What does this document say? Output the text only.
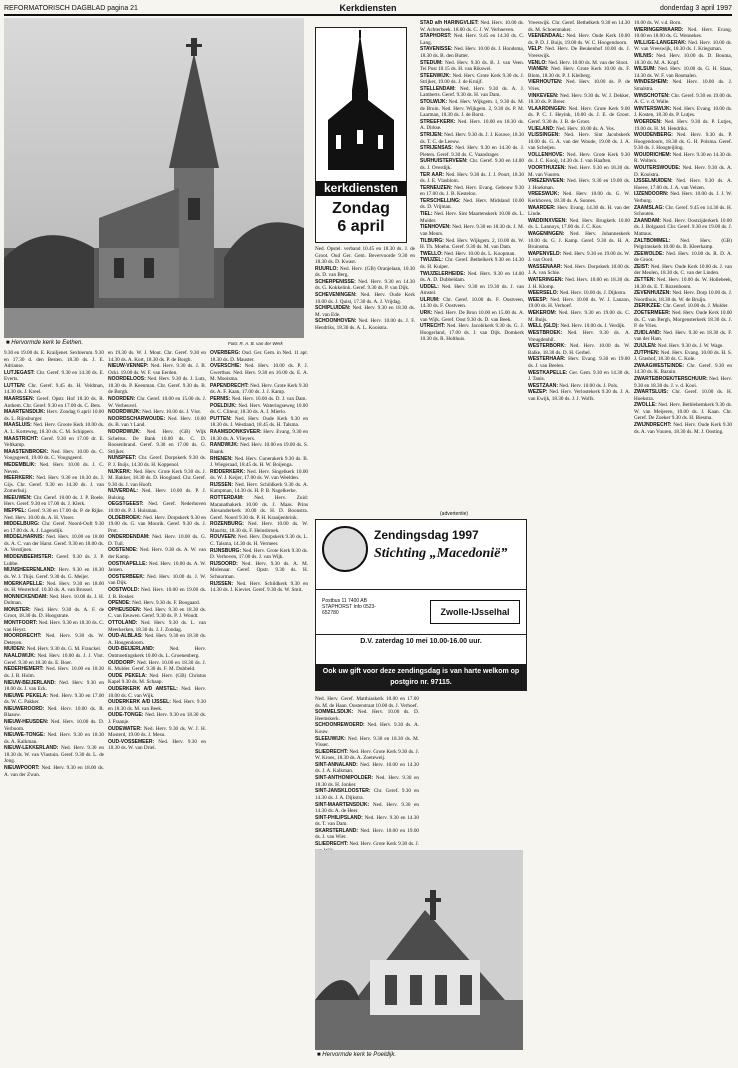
REFORMATORISCH DAGBLAD pagina 21	Kerkdiensten	donderdag 3 april 1997
■ Hervormde kerk te Eethen.	Foto: R. A. B. van der Werk

9.30 en 19.00 ds. E. Krailjenet. Sexbierum. 9.30 en 17.30 d. den Besten. 18.30 ds. J. E. Adrianse.

LUTJEGAST: Chr. Geref. 9.30 en 14.30 ds. E. Everts.

LUTTEN: Chr. Geref. 9.45 ds. H. Veldman, 14.30 ds. J. Kreel.

MAARSSEN: Geref. Opstr. Hof 18.30 ds. R. Anthem. Chr. Geref. 9.30 en 17.00 ds. C. Bets.

MAARTENSDIJK: Herv. Zondag 6 april 10.00 ds. L. Rijnsburger.

MAASLUIS: Ned. Herv. Groote Kerk 10.00 ds. A. L. Korteweg, 18.30 ds. C. M. Schippers.

MAASTRICHT: Geref. 9.30 en 17.00 dr. E. Veltkamp.

MAASTENBROEK: Ned. Herv. 10.00 ds. C. Voogsgeerd, 19.00 ds. C. Voogsgeerd.

MEDEMBLIK: Ned. Herv. 10.00 ds. J. C. Neven.

MEERKERK: Ned. Herv. 9.30 en 18.30 ds. J. Gijs. Chr. Geref. 9.30 en 14.30 ds. J. van Zomerhuij.

MEEUWEN: Chr. Geref. 10.00 ds. J. P. Boele. Herv. Geref. 9.30 en 17.00 ds. J. Klerk.

MEPPEL: Geref. 9.30 en 17.00 ds. P. de Rijke. Ned. Herv. 10.00 ds. A. H. Visser.

MIDDELBURG: Chr. Geref. Noord-Ooft 9.30 en 17.00 ds. A. J. Lagendijk.

MIDDELHARNIS: Ned. Herv. 10.00 en 18.00 ds. A. C. van der Harst. Geref. 9.30 en 18.00 ds. A. Verstijnen.

MIDDENBEEMSTER: Geref. 9.30 ds. J. P. Lubbe.

MIJNSHEERENLAND: Herv. 9.30 en 18.30 ds. W. J. Thijs. Geref. 9.30 ds. G. Meijer.

MOERKAPELLE: Ned. Herv. 9.30 en 18.00 ds. H. Westerhof. 10.30 ds. A. van Brussel.

MONNICKENDAM: Ned. Herv. 10.00 ds. J. H. Dolman.

MONSTER: Ned. Herv. 9.30 ds. A. F. de Groot, 18.30 ds. D. Hoogstrate.

MONTFOORT: Ned. Herv. 9.30 en 18.30 ds. C. van Heyst.

MOORDRECHT: Ned. Herv. 9.30 ds. W. Deteyen.

MUIDEN: Ned. Herv. 9.30 ds. G. M. Franckel.

NAALDWIJK: Ned. Herv. 10.00 ds. J. J. Vlot. Geref. 9.30 en 18.30 ds. E. Boer.

NEDERHEMERT: Ned. Herv. 10.00 en 18.30 ds. J. B. Holm.

NIEUW-BEIJERLAND: Ned. Herv. 9.30 en 18.00 ds. J. van Eck.

NIEUWE PEKELA: Ned. Herv. 9.30 en 17.00 ds. W. C. Pakker.

NIEUWEROORD: Ned. Herv. 10.00 ds. R. Blaauw.

NIEUW-HEUSDEN: Ned. Herv. 10.00 ds. D. Verboom.

NIEUWE-TONGE: Ned. Herv. 9.30 en 18.30 ds. A. Kalkman.

NIEUW-LEKKERLAND: Ned. Herv. 9.30 en 18.30 ds. W. van Vlastuin. Geref. 9.30 ds. L. de Jong.

NIEUWPOORT: Ned. Herv. 9.30 en 18.00 ds. A. van der Zwan.

en 19.30 ds. W. J. Mout. Chr. Geref. 9.30 en 14.30 ds. A. Kort, 18.30 ds. P. de Borgh.

NIEUW-VENNEP: Ned. Herv. 9.30 ds. J. B. Ocki. 19.00 ds. W. F. van Eerden.

NOORDELOOS: Ned. Herv. 9.30 ds. J. Lutz, 18.30 ds. P. Keenman. Chr. Geref. 9.30 ds. B. de Borgh.

NOORDEN: Chr. Geref. 10.00 en 15.00 ds. J. W. Verheuvel.

NOORDWIJK: Ned. Herv. 10.00 ds. J. Vlot.

NOORDSCHARWOUDE: Ned. Herv. 10.00 ds. B. van 't Land.

NOORDWIJK: Ned. Herv. (GB) Wijk Scheltus. De Bank 10.00 ds. C. D. Roosenbrand. Geref. 9.30 en 17.00 ds. G. Strijker.

NUNSPEET: Chr. Geref. Dorpskerk 9.30 ds. P. J. Buijs, 14.30 ds. H. Koppenol.

NIJKERK: Ned. Herv. Grote Kerk 9.30 ds. J. M. Bakker, 18.30 ds. D. Hoogland. Chr. Geref. 9.30 ds. J. van Hooft.

NIJVERDAL: Ned. Herv. 10.00 ds. P. J. Bulsing.

OEGSTGEEST: Ned. Geref. Nederhoven 10.00 ds. P. J. Huisman.

OLDEBROEK: Ned. Herv. Dorpskerk 9.30 en 19.00 ds. G. van Mourik. Geref. 9.30 ds. J. Prot.

ONDERDENDAM: Ned. Herv. 10.00 ds. G. D. Tuil.

OOSTENDE: Ned. Herv. 9.30 ds. A. W. van der Kamp.

OOSTKAPELLE: Ned. Herv. 10.00 ds. A. W. Jansen.

OOSTERBEEK: Ned. Herv. 10.00 ds. J. W. van Dijk.

OOSTWOLD: Ned. Herv. 10.00 en 19.00 ds. J. B. Bosker.

OPENDE: Ned. Herv. 9.30 ds. F. Boogaard.

OPHEUSDEN: Ned. Herv. 9.30 en 18.30 ds. C. van Eeuwen. Geref. 9.30 ds. P. J. Woudt.

OTTOLAND: Ned. Herv. 9.30 ds. L. van Meerkerken, 18.30 ds. J. J. Zondag.

OUD-ALBLAS: Ned. Herv. 9.30 en 18.30 ds. A. Hoogendoorn.

OUD-BEIJERLAND:	Ned. Herv. Ontmoetingskerk 10.00 ds. L. Groenenberg.

OUDDORP: Ned. Herv. 10.00 en 18.30 ds. J. K. Mulder. Geref. 9.30 ds. F. M. Dubbeld.

OUDE PEKELA: Ned. Herv. (GB) Christus Kapel 9.30 ds. M. Schaap.

OUDERKERK A/D AMSTEL: Ned. Herv. 10.00 ds. C. van Wijk.

OUDERKERK A/D IJSSEL: Ned. Herv. 9.30 en 18.30 ds. M. van Beek.

OUDE-TONGE: Ned. Herv. 9.30 en 18.30 ds. J. Fraanje.

OUDEWATER: Ned. Herv. 9.30 ds. W. J. H. Mosterd, 19.00 ds. J. Mesu.

OUD-VOSSEMEER: Ned. Herv. 9.30 en 18.30 ds. W. van Driel.

OVERBERG: Oud. Ger. Gem. in Ned. 11 apr. 18.30 ds. D. Mauster.

OVERSCHIE: Ned. Herv. 10.00 ds. P. J. Gwerthus. Ned. Herv. 9.30 en 16.00 ds. E. A. M. Mooisma.

PAPENDRECHT: Ned. Herv. Grote Kerk 9.30 ds. A. F. Kaan, 17.00 ds. J. J. Kamp.

PERNIS: Ned. Herv. 10.00 ds. D. J. van Dam.

POELDIJK: Ned. Herv. Wateringseweg 10.00 ds. C. Cliteur, 18.30 ds. A. J. Mierlo.

PUTTEN: Ned. Herv. Oude Kerk 9.30 en 18.30 ds. J. Westland, 18.45 ds. H. Talsma.

RAAMSDONKSVEER: Herv. Evang. 9.30 en 18.30 ds. A. Vlieyers.

RANDWIJK: Ned. Herv. 10.00 en 19.00 ds. S. Baank.

RHENEN: Ned. Herv. Cunerakerk 9.30 ds. B. J. Wiegeraad, 18.45 ds. H. W. Boijenga.

RIDDERKERK: Ned. Herv. Singelkerk 10.00 ds. W. J. Keijer, 17.00 ds. W. van Weelden.

RIJSSEN: Ned. Herv. Schildkerk 9.30 ds. A. Kampman, 14.30 ds. H. P. B. Nagelkerke.

ROTTERDAM: Ned. Herv. Zuid: Maranathakerk 10.00 ds. J. Maas. Prins Alexanderkerk 10.00 ds. H. D. Boonstra. Geref. Noord 9.30 ds. P. H. Kraaijenbrink.

ROZENBURG: Ned. Herv. 10.00 ds. W. Mauritz, 18.30 ds. F. Heinsbroek.

ROUVEEN: Ned. Herv. Dorpskerk 9.30 ds. L. C. Talsma, 14.30 ds. H. Vermeer.

RIJNSBURG: Ned. Herv. Grote Kerk 9.30 ds. D. Verhoven, 17.00 ds. J. van Wijk.

RIJSOORD: Ned. Herv. 9.30 ds. A. M. Molenaar. Geref. Opstr. 9.30 ds. H. Schuurman.

RIJSSEN: Ned. Herv. Schildkerk 9.30 en 14.30 ds. J. Kieviet. Geref. 9.30 ds. W. Smit.

kerkdiensten
Zondag
6 april

Ned. Opstel. verband 10.45 en 18.30 ds. J. de Groot. Oud Ger. Gem. Bevervoorde 9.30 en 18.30 ds. D. Kwast.

RUURLO: Ned. Herv. (GB) Oranjelaan, 10.30 ds. D. van Berg.

SCHERPENISSE: Ned. Herv. 9.30 en 14.30 ds. G. Kokkelink. Geref. 9.30 ds. P. van Dijk.

SCHEVENINGEN: Ned. Herv. Oude Kerk 10.00 ds. J. Quist, 17.30 ds. A. J. Vrijdag.

SCHIPLUIDEN: Ned. Herv. 9.30 en 18.30 ds. M. van Ede.

SCHOONHOVEN: Ned. Herv. 10.00 ds. J. F. Hendriks, 18.30 ds. A. L. Kooistra.

STAD a/h HARINGVLIET: Ned. Herv. 10.00 ds. W. Achterbeek. 18.00 ds. C. J. W. Verhoeven.

STAPHORST: Ned. Herv. 9.45 en 14.30 ds. C. Lang.

STAVENISSE: Ned. Herv. 10.00 ds. J. Hondsma, 18.30 ds. B. den Butter.

STEDUM: Ned. Herv. 9.30 ds. B. J. van Veen. Tei Post 10.15 ds. H. van Rikswel.

STEENWIJK: Ned. Herv. Grote Kerk 9.30 ds. J. Strijker, 19.00 ds. J. de Kruijf.

STELLENDAM: Ned. Herv. 9.30 ds. A. J. Lamberts. Geref. 9.30 ds. H. van Dam.

STOLWIJK: Ned. Herv. Wijkgem. 1, 9.30 ds. M. de Bruin. Ned. Herv. Wijkgem. 2, 9.30 ds. P. M. Laarman, 18.30 ds. J. de Borst.

STREEFKERK: Ned. Herv. 10.00 en 18.30 ds. A. Dirkse.

STRIJEN: Ned. Herv. 9.30 ds. J. J. Kouwe, 18.30 ds. T. C. de Leeuw.

STRIJENSAS: Ned. Herv. 9.30 en 14.30 ds. J. Pieters. Geref. 9.30 ds. C. Vaandrager.

SURHUISTERVEEN: Chr. Geref. 9.30 en 14.00 ds. J. Overdijk.

TER AAR: Ned. Herv. 9.30 ds. J. J. Poort, 18.30 ds. J. E. Vlasblom.

TERNEUZEN: Ned. Herv. Evang. Gebouw 9.30 en 17.00 ds. J. B. Kesteloo.

TERSCHELLING: Ned. Herv. Midsland 10.00 ds. D. Vrijman.

TIEL: Ned. Herv. Sint Maartenskerk 10.00 ds. L. Mulder.

TIENHOVEN: Ned. Herv. 9.30 en 18.30 ds. J. M. van Meurs.

TILBURG: Ned. Herv. Wijkgem. 2, 10.00 ds. W. H. Th. Moehn. Geref. 9.30 ds. M. van Dam.

TWELLO: Ned. Herv. 10.00 ds. L. Koopman.

TWIJZEL: Chr. Geref. Bethelkerk 9.30 en 14.30 ds. H. Kuiper.

TWIJZELERHEIDE: Ned. Herv. 9.30 en 14.00 ds. A. D. Dubbeldam.

UDDEL: Ned. Herv. 9.30 en 19.30 ds. J. van Amstel.

ULRUM: Chr. Geref. 10.00 ds. F. Oostveen, 14.30 ds. F. Oostveen.

URK: Ned. Herv. De Bron 10.00 en 15.00 ds. A. van Wijk. Geref. Oost 9.30 ds. D. van Beek.

UTRECHT: Ned. Herv. Jacobikerk 9.30 ds. G. J. Hoogerland, 17.00 ds. J. van Dijk. Domkerk 10.30 ds. R. Holthuis.

(advertentie)
Zendingsdag 1997
Stichting „Macedonië”
Postbus 11 7400 AB STAPHORST Info 0523-652780	Zwolle-IJsselhal
D.V. zaterdag 10 mei 10.00-16.00 uur.
Ook uw gift voor deze zendingsdag is van harte welkom op postgiro nr. 97115.

Ned. Herv. Geref. Matthiaskerk 10.00 en 17.00 ds. M. de Haan. Oosterstraat 10.00 ds. J. Verhoef.

SOMMELSDIJK: Ned. Herv. 10.00 ds. D. Heemskerk.

SCHOONREWOERD: Ned. Herv. 9.30 ds. A. Kouw.

SLEEUWIJK: Ned. Herv. 9.30 en 18.30 ds. M. Visser.

SLIEDRECHT: Ned. Herv. Grote Kerk 9.30 ds. J. W. Kroes, 18.30 ds. A. Zoeteweij.

SINT-ANNALAND: Ned. Herv. 10.00 en 14.30 ds. J. A. Kalkman.

SINT-ANTHONIPOLDER: Ned. Herv. 9.30 en 18.30 ds. H. Jonker.

SINT-JANSKLOOSTER: Chr. Geref. 9.30 en 14.30 ds. J. A. Dijkstra.

SINT-MAARTENSDIJK: Ned. Herv. 9.30 en 14.30 ds. A. de Heer.

SINT-PHILIPSLAND: Ned. Herv. 9.30 en 14.30 ds. T. van Dam.

SKARSTERLAND: Ned. Herv. 10.00 en 19.00 ds. J. van Wier.

SLIEDRECHT: Ned. Herv. Grote Kerk 9.30 ds. J.

Vreeswijk. Chr. Geref. Bethelkerk 9.30 en 14.30 ds. M. Schoenmaker.

VEENENDAAL: Ned. Herv. Oude Kerk 10.00 ds. P. D. J. Buijs, 19.00 ds. W. C. Hoogendoorn.

VELP: Ned. Herv. De Beukenhof 10.00 ds. J. Vreeswijk.

VENLO: Ned. Herv. 10.00 ds. M. van der Sloot.

VIANEN: Ned. Herv. Grote Kerk 10.00 ds. F. Blom, 18.30 ds. P. J. Kleiberg.

VIERHOUTEN: Ned. Herv. 10.00 ds. P. de Vries.

VINKEVEEN: Ned. Herv. 9.30 ds. W. J. Dekker, 18.30 ds. P. Breer.

VLAARDINGEN: Ned. Herv. Grote Kerk 9.00 ds. P. C. J. Heyink, 10.00 ds. J. E. de Groot. Geref. 9.30 ds. J. B. de Groot.

VLIELAND: Ned. Herv. 10.00 ds. A. Vos.

VLISSINGEN: Ned. Herv. Sint Jacobskerk 10.00 ds. G. A. van der Woude, 19.00 ds. J. A. van Scheijen.

VOLLENHOVE: Ned. Herv. Grote Kerk 9.30 ds. J. C. Kooij, 14.30 ds. J. van Haaften.

VOORTHUIZEN: Ned. Herv. 9.30 en 18.30 ds. M. van Vuuren.

VRIEZENVEEN: Ned. Herv. 9.30 en 19.00 ds. J. Hoekman.

VREESWIJK: Ned. Herv. 10.00 ds. G. W. Kerkhoven, 18.30 ds. A. Sonnes.

WAARDER: Herv. Evang. 14.30 ds. H. van der Linde.

WADDINXVEEN: Ned. Herv. Brugkerk 10.00 ds. L. Lannoys, 17.00 ds. J. C. Kos.

WAGENINGEN: Ned. Herv. Johanneskerk 10.00 ds. G. J. Kamp. Geref. 9.30 ds. H. A. Bruinsma.

WAPENVELD: Ned. Herv. 9.30 en 19.00 ds. W. J. van Oord.

WASSENAAR: Ned. Herv. Dorpskerk 10.00 ds. J. A. van Schie.

WATERINGEN: Ned. Herv. 10.00 en 18.30 ds. J. H. Klomp.

WEERSELO: Ned. Herv. 10.00 ds. J. Dijkstra.

WEESP: Ned. Herv. 10.00 ds. W. J. Lanzon, 19.00 ds. H. Verhoef.

WEKEROM: Ned. Herv. 9.30 en 19.00 ds. C. M. Buijs.

WELL (GLD): Ned. Herv. 10.00 ds. J. Verdijk.

WESTBROEK: Ned. Herv. 9.30 ds. A. Vreugdenhil.

WESTERBORK: Ned. Herv. 10.00 ds. W. Balke, 18.30 ds. D. H. Gerbel.

WESTERHAAR: Herv. Evang. 9.30 en 19.00 ds. J. van Beelen.

WESTKAPELLE: Ger. Gem. 9.30 en 14.30 ds. J. Tanis.

WESTZAAN: Ned. Herv. 10.00 ds. J. Pols.

WEZEP: Ned. Herv. Verlostekerk 9.30 ds. J. A. van Ewijk, 18.30 ds. J. J. Wolfs.

10.00 ds. W. v.d. Born.

WIERINGERWAARD: Ned. Herv. Evang. 10.00 en 18.00 ds. G. Wennekes.

WILLIGE-LANGERAK: Ned. Herv. 10.00 ds. W. van Vreeswijk, 18.30 ds. J. Kriegsman.

WILNIS: Ned. Herv. 10.00 ds. D. Bouma, 18.30 ds. M. A. Kopf.

WILSUM: Ned. Herv. 10.00 ds. G. H. Slaas, 14.30 ds. W. F. van Rosmalen.

WINDESHEIM: Ned. Herv. 10.00 ds. J. Smalstra.

WINSCHOTEN: Chr. Geref. 9.30 en 19.00 ds. A. C. v. d. Walle.

WINTERSWIJK: Ned. Herv. Evang. 10.00 ds. J. Kosten, 18.30 ds. P. Lutjes.

WOERDEN: Ned. Herv. 9.30 ds. P. Lutjes, 19.00 ds. H. M. Hendriks.

WOUDENBERG: Ned. Herv. 9.30 ds. P. Hoogendoorn, 18.30 ds. G. H. Polsma. Geref. 9.30 ds. J. Hoogteijling.

WOUDRICHEM: Ned. Herv. 9.30 en 14.30 ds. R. Wolters.

WOUTERSWOUDE: Ned. Herv. 9.30 ds. A. D. Kooistra.

IJSSELMUIDEN: Ned. Herv. 9.30 ds. A. Hoeve, 17.00 ds. J. A. van Velzen.

IJZENDOORN: Ned. Herv. 10.00 ds. J. J. W. Verburg.

ZAAMSLAG: Chr. Geref. 9.45 en 14.30 ds. H. Schouten.

ZAANDAM: Ned. Herv. Oostzijderkerk 10.00 ds. J. Bolgaard. Chr. Geref. 9.30 en 19.00 ds. J. Mattaus.

ZALTBOMMEL: Ned. Herv. (GB) Pelgrimskerk 10.00 ds. B. Kleerkamp.

ZEEWOLDE: Ned. Herv. 10.00 ds. R. D. A. de Groot.

ZEIST: Ned. Herv. Oude Kerk 10.00 ds. J. van der Meulen, 18.30 ds. C. van der Linden.

ZETTEN: Ned. Herv. 10.00 ds. W. Hollebeek, 18.30 ds. E. T. Rozenboom.

ZEVENHUIZEN: Ned. Herv. Dorp 10.00 ds. J. Noordhuis, 18.30 ds. W. de Bruijn.

ZIERIKZEE: Chr. Geref. 10.00 ds. J. Mulder.

ZOETERMEER: Ned. Herv. Oude Kerk 10.00 ds. C. van Bergh, Morgensterkerk 18.30 ds. J. P. de Vries.

ZUIDLAND: Ned. Herv. 9.30 en 18.30 ds. F. van der Ham.

ZUIJLEN: Ned. Herv. 9.30 ds. J. W. Wage.

ZUTPHEN: Ned. Herv. Evang. 10.00 ds. H. S. J. Grashof, 18.30 ds. C. Kole.

ZWAAGWESTEINDE: Chr. Geref. 9.30 en 14.30 ds. K. Bazuin.

ZWARTEBROEK/TERSCHUUR: Ned. Herv. 9.30 en 18.30 ds. J. v. d. Kooi.

ZWARTSLUIS: Chr. Geref. 10.00 ds. H. Hoekstra.

ZWOLLE: Ned. Herv. Bethlehemkerk 9.30 ds. W. van Meijeren, 10.00 ds. J. Kaan. Chr. Geref. De Zoeker 9.30 ds. H. Biesma.

ZWIJNDRECHT: Ned. Herv. Oude Kerk 9.30 ds. A. van Vuuren, 18.30 ds. M. J. Oosting.

■ Hervormde kerk te Poeldijk.
